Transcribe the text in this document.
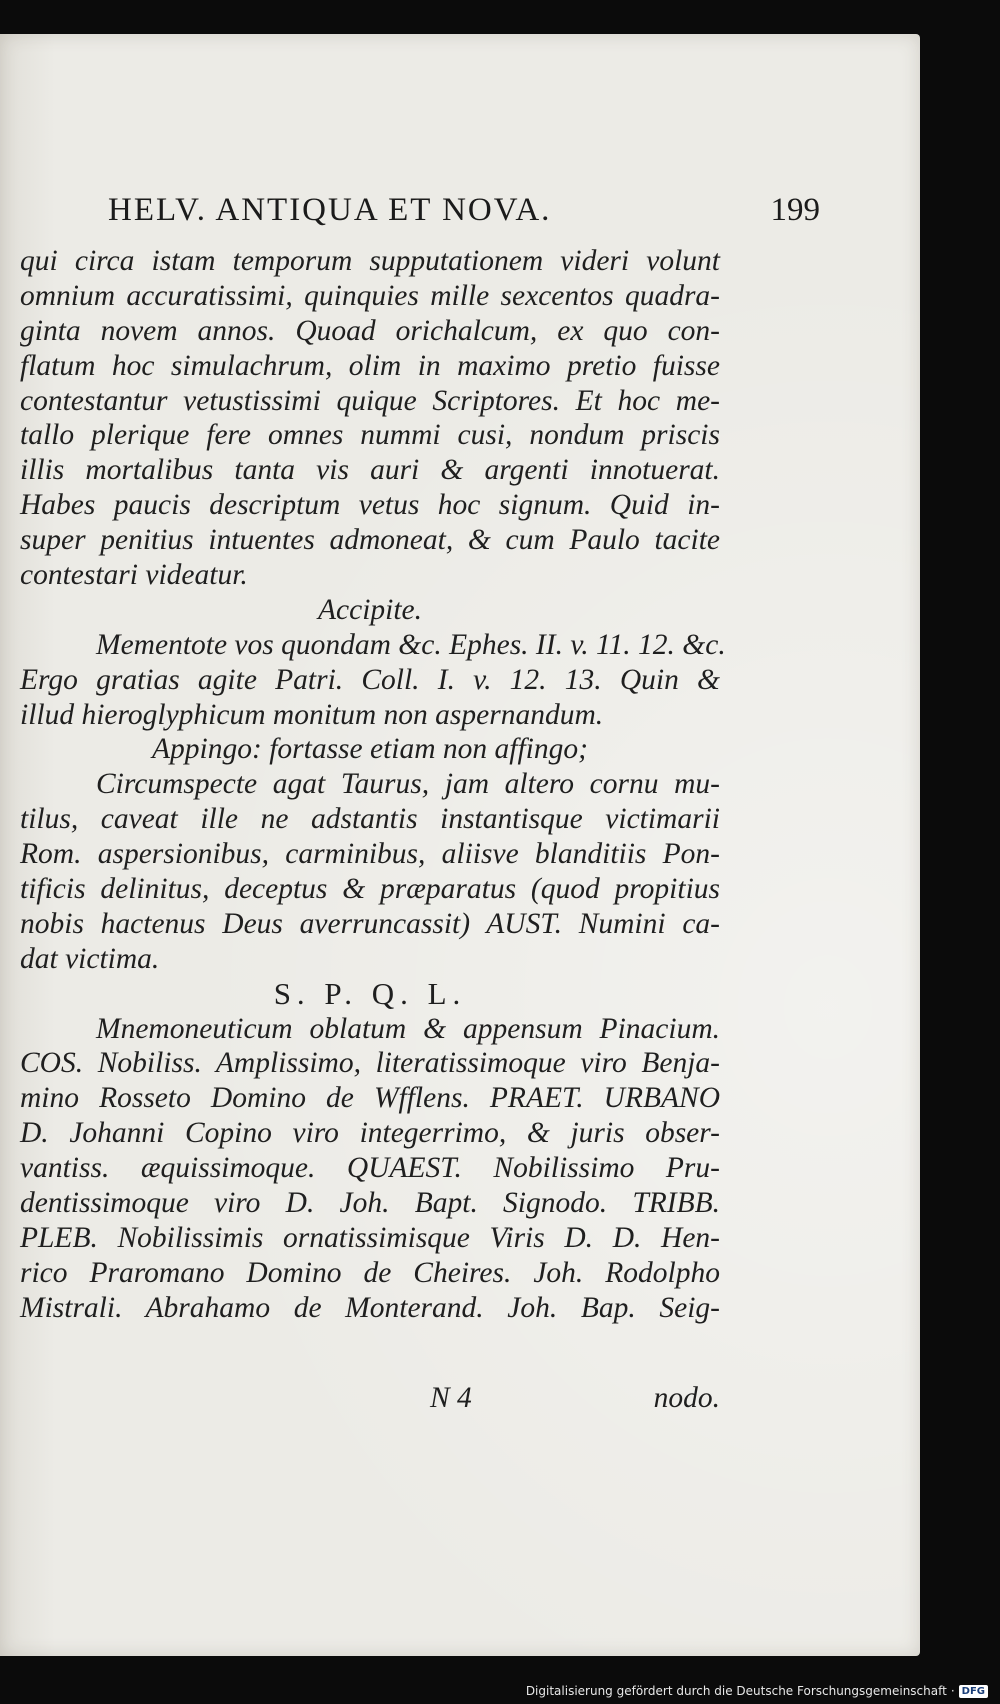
HELV. ANTIQUA ET NOVA.	199
qui circa istam temporum supputationem videri volunt
omnium accuratissimi, quinquies mille sexcentos quadra-
ginta novem annos. Quoad orichalcum, ex quo con-
flatum hoc simulachrum, olim in maximo pretio fuisse
contestantur vetustissimi quique Scriptores. Et hoc me-
tallo plerique fere omnes nummi cusi, nondum priscis
illis mortalibus tanta vis auri & argenti innotuerat.
Habes paucis descriptum vetus hoc signum. Quid in-
super penitius intuentes admoneat, & cum Paulo tacite
contestari videatur.
Accipite.
Mementote vos quondam &c. Ephes. II. v. 11. 12. &c.
Ergo gratias agite Patri. Coll. I. v. 12. 13. Quin &
illud hieroglyphicum monitum non aspernandum.
Appingo: fortasse etiam non affingo;
Circumspecte agat Taurus, jam altero cornu mu-
tilus, caveat ille ne adstantis instantisque victimarii
Rom. aspersionibus, carminibus, aliisve blanditiis Pon-
tificis delinitus, deceptus & præparatus (quod propitius
nobis hactenus Deus averruncassit) AUST. Numini ca-
dat victima.
S. P. Q. L.
Mnemoneuticum oblatum & appensum Pinacium.
COS. Nobiliss. Amplissimo, literatissimoque viro Benja-
mino Rosseto Domino de Wfflens. PRAET. URBANO
D. Johanni Copino viro integerrimo, & juris obser-
vantiss. æquissimoque. QUAEST. Nobilissimo Pru-
dentissimoque viro D. Joh. Bapt. Signodo. TRIBB.
PLEB. Nobilissimis ornatissimisque Viris D. D. Hen-
rico Praromano Domino de Cheires. Joh. Rodolpho
Mistrali. Abrahamo de Monterand. Joh. Bap. Seig-
N 4	nodo.
Digitalisierung gefördert durch die Deutsche Forschungsgemeinschaft · DFG
